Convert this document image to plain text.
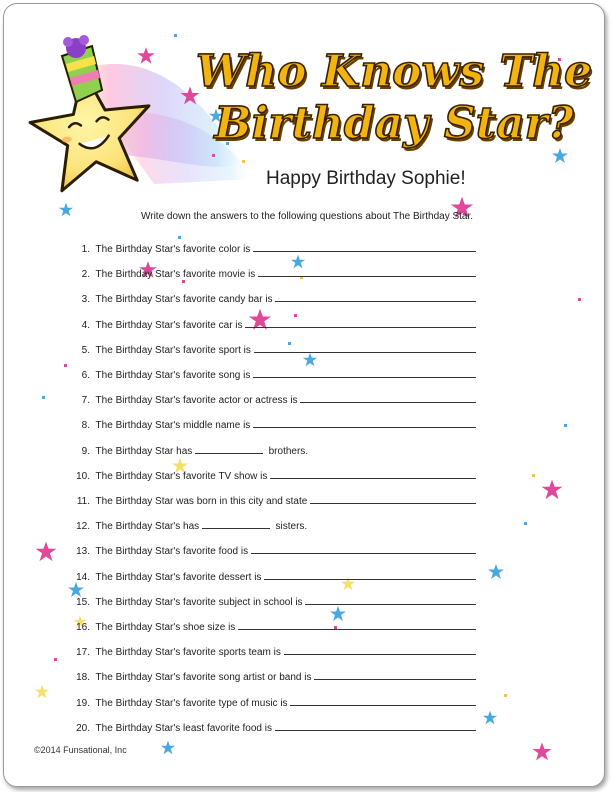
Who Knows The
Birthday Star?
Happy Birthday Sophie!
Write down the answers to the following questions about The Birthday Star.
1.  The Birthday Star's favorite color is
2.  The Birthday Star's favorite movie is
3.  The Birthday Star's favorite candy bar is
4.  The Birthday Star's favorite car is
5.  The Birthday Star's favorite sport is
6.  The Birthday Star's favorite song is
7.  The Birthday Star's favorite actor or actress is
8.  The Birthday Star's middle name is
9.  The Birthday Star has	brothers.
10.  The Birthday Star's favorite TV show is
11.  The Birthday Star was born in this city and state
12.  The Birthday Star's has	sisters.
13.  The Birthday Star's favorite food is
14.  The Birthday Star's favorite dessert is
15.  The Birthday Star's favorite subject in school is
16.  The Birthday Star's shoe size is
17.  The Birthday Star's favorite sports team is
18.  The Birthday Star's favorite song artist or band is
19.  The Birthday Star's favorite type of music is
20.  The Birthday Star's least favorite food is
©2014 Funsational, Inc
